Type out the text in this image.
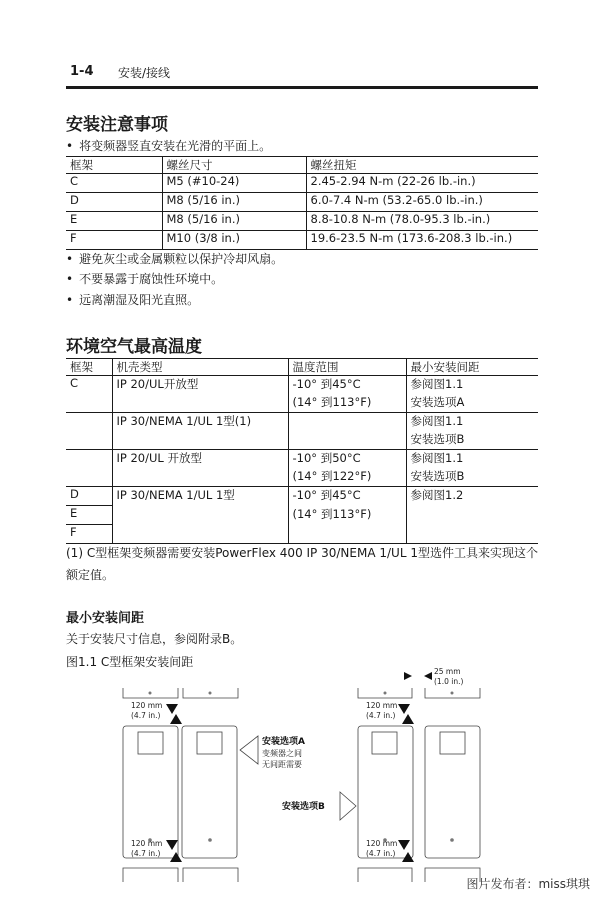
1-4 安装/接线
安装注意事项
• 将变频器竖直安装在光滑的平面上。
框架	螺丝尺寸	螺丝扭矩
C	M5 (#10-24)	2.45-2.94 N-m (22-26 lb.-in.)
D	M8 (5/16 in.)	6.0-7.4 N-m (53.2-65.0 lb.-in.)
E	M8 (5/16 in.)	8.8-10.8 N-m (78.0-95.3 lb.-in.)
F	M10 (3/8 in.)	19.6-23.5 N-m (173.6-208.3 lb.-in.)
• 避免灰尘或金属颗粒以保护冷却风扇。
• 不要暴露于腐蚀性环境中。
• 远离潮湿及阳光直照。
环境空气最高温度
框架	机壳类型	温度范围	最小安装间距
C	IP 20/UL开放型	-10° 到45°C	参阅图1.1
		(14° 到113°F)	安装选项A
	IP 30/NEMA 1/UL 1型(1)		参阅图1.1
			安装选项B
	IP 20/UL 开放型	-10° 到50°C	参阅图1.1
		(14° 到122°F)	安装选项B
D	IP 30/NEMA 1/UL 1型	-10° 到45°C	参阅图1.2
E		(14° 到113°F)	
F			
(1) C型框架变频器需要安装PowerFlex 400 IP 30/NEMA 1/UL 1型选件工具来实现这个额定值。
最小安装间距
关于安装尺寸信息，参阅附录B。
图1.1 C型框架安装间距
120 mm
(4.7 in.)
120 mm
(4.7 in.)
120 mm
(4.7 in.)
120 mm
(4.7 in.)
25 mm
(1.0 in.)
安装选项A
变频器之间
无间距需要
安装选项B
图片发布者：miss琪琪
